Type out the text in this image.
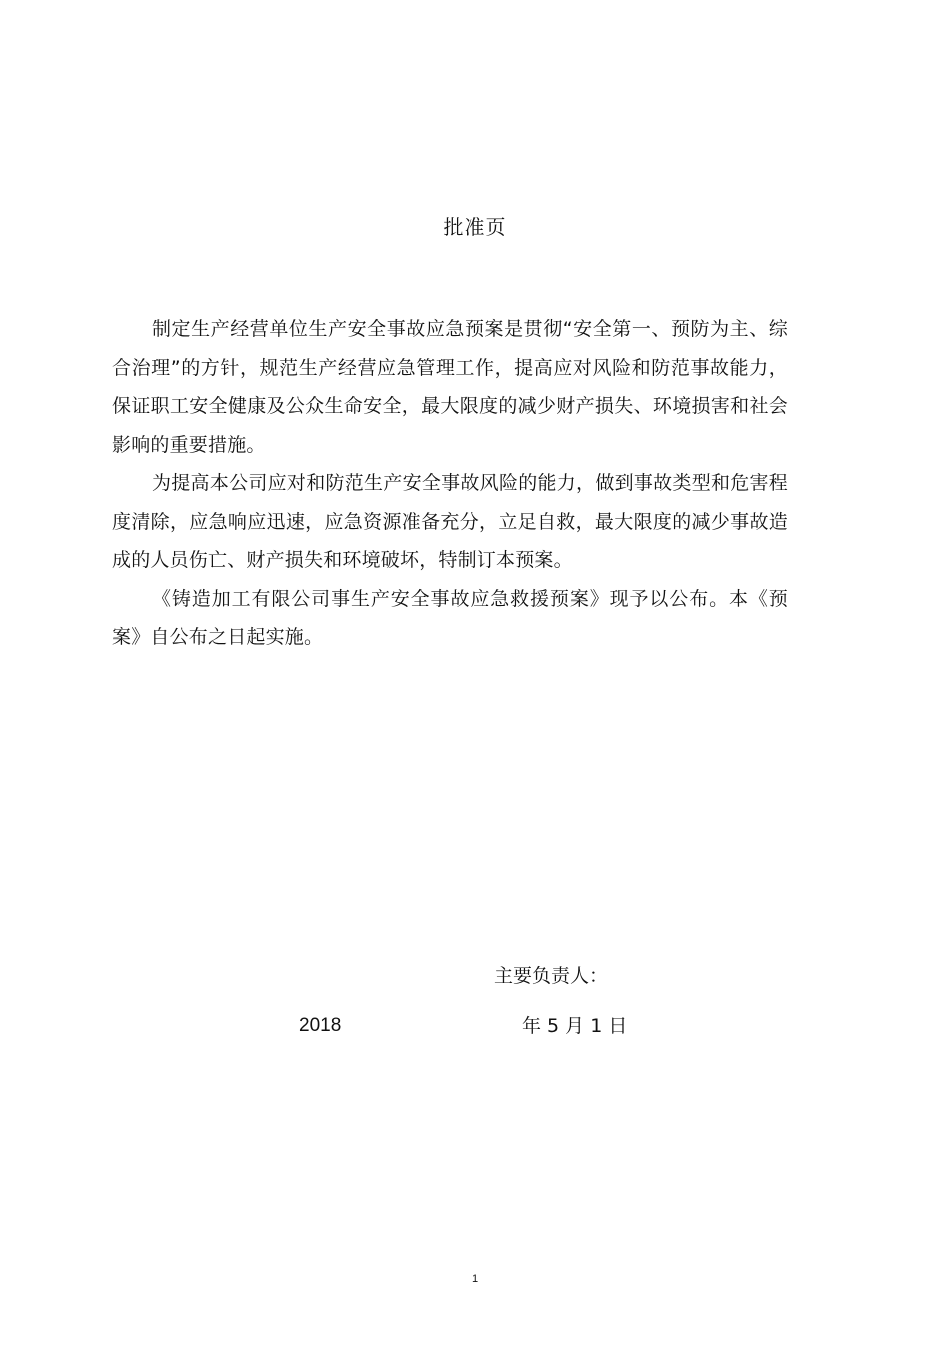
批准页

制定生产经营单位生产安全事故应急预案是贯彻“安全第一、预防为主、综合治理”的方针，规范生产经营应急管理工作，提高应对风险和防范事故能力，保证职工安全健康及公众生命安全，最大限度的减少财产损失、环境损害和社会影响的重要措施。

为提高本公司应对和防范生产安全事故风险的能力，做到事故类型和危害程度清除，应急响应迅速，应急资源准备充分，立足自救，最大限度的减少事故造成的人员伤亡、财产损失和环境破坏，特制订本预案。

《铸造加工有限公司事生产安全事故应急救援预案》现予以公布。本《预案》自公布之日起实施。

主要负责人：
2018	年 5 月 1 日
1
